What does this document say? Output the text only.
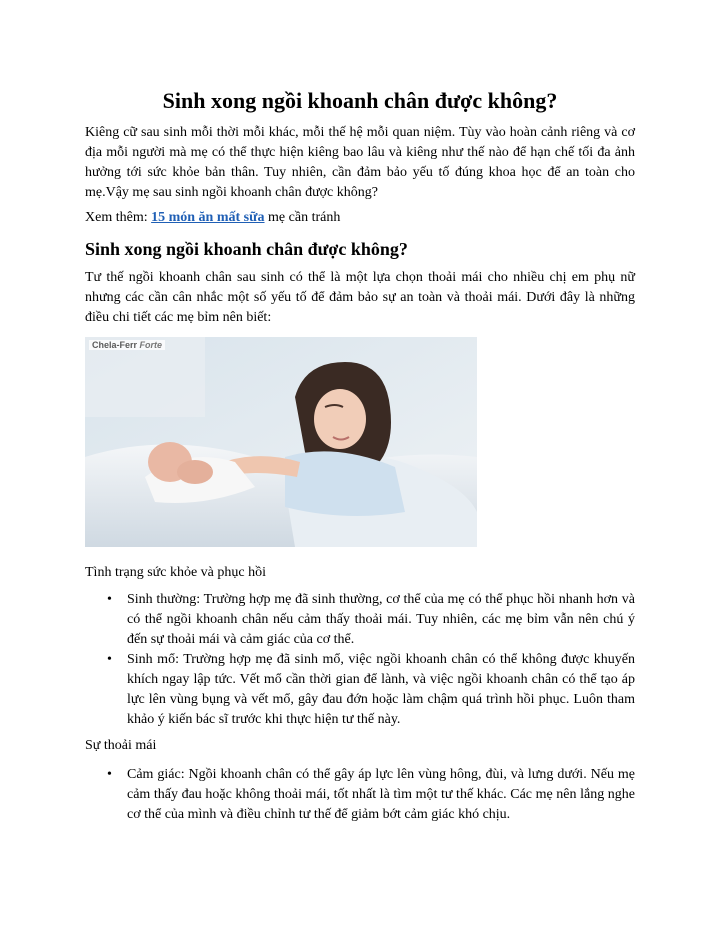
Sinh xong ngồi khoanh chân được không?

Kiêng cữ sau sinh mỗi thời mỗi khác, mỗi thế hệ mỗi quan niệm. Tùy vào hoàn cảnh riêng và cơ địa mỗi người mà mẹ có thể thực hiện kiêng bao lâu và kiêng như thế nào để hạn chế tối đa ảnh hưởng tới sức khỏe bản thân. Tuy nhiên, cần đảm bảo yếu tố đúng khoa học để an toàn cho mẹ.Vậy mẹ sau sinh ngồi khoanh chân được không?

Xem thêm: 15 món ăn mất sữa mẹ cần tránh

Sinh xong ngồi khoanh chân được không?

Tư thế ngồi khoanh chân sau sinh có thể là một lựa chọn thoải mái cho nhiều chị em phụ nữ nhưng các cần cân nhắc một số yếu tố để đảm bảo sự an toàn và thoải mái. Dưới đây là những điều chi tiết các mẹ bỉm nên biết:

Chela-Ferr Forte

Tình trạng sức khỏe và phục hồi

• Sinh thường: Trường hợp mẹ đã sinh thường, cơ thể của mẹ có thể phục hồi nhanh hơn và có thể ngồi khoanh chân nếu cảm thấy thoải mái. Tuy nhiên, các mẹ bỉm vẫn nên chú ý đến sự thoải mái và cảm giác của cơ thể.
• Sinh mổ: Trường hợp mẹ đã sinh mổ, việc ngồi khoanh chân có thể không được khuyến khích ngay lập tức. Vết mổ cần thời gian để lành, và việc ngồi khoanh chân có thể tạo áp lực lên vùng bụng và vết mổ, gây đau đớn hoặc làm chậm quá trình hồi phục. Luôn tham khảo ý kiến bác sĩ trước khi thực hiện tư thế này.

Sự thoải mái

• Cảm giác: Ngồi khoanh chân có thể gây áp lực lên vùng hông, đùi, và lưng dưới. Nếu mẹ cảm thấy đau hoặc không thoải mái, tốt nhất là tìm một tư thế khác. Các mẹ nên lắng nghe cơ thể của mình và điều chỉnh tư thế để giảm bớt cảm giác khó chịu.
